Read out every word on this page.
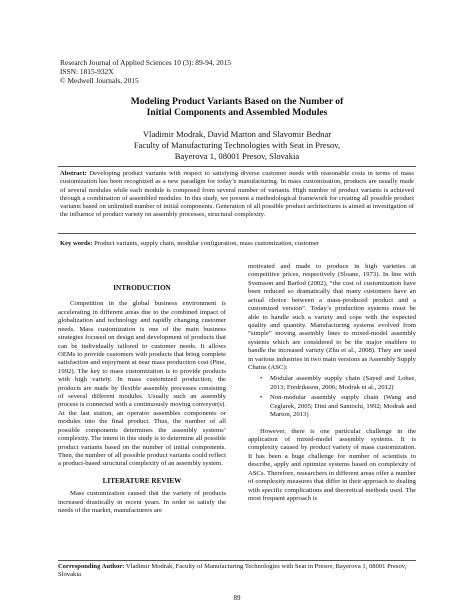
Research Journal of Applied Sciences 10 (3): 89-94, 2015
ISSN: 1815-932X
© Medwell Journals, 2015
Modeling Product Variants Based on the Number of
Initial Components and Assembled Modules
Vladimir Modrak, David Marton and Slavomir Bednar
Faculty of Manufacturing Technologies with Seat in Presov,
Bayerova 1, 08001 Presov, Slovakia
Abstract: Developing product variants with respect to satisfying diverse customer needs with reasonable costs in terms of mass customization has been recognized as a new paradigm for today’s manufacturing. In mass customization, products are usually made of several modules while each module is composed from several number of variants. High number of product variants is achieved through a combination of assembled modules. In this study, we present a methodological framework for creating all possible product variants based on unlimited number of initial components. Generation of all possible product architectures is aimed at investigation of the influence of product variety on assembly processes, structural complexity.
Key words: Product variants, supply chain, modular configuration, mass customization, customer

INTRODUCTION

Competition in the global business environment is accelerating in different areas due to the combined impact of globalization and technology and rapidly changing customer needs. Mass customization is one of the main business strategies focused on design and development of products that can be individually tailored to customer needs. It allows OEMs to provide customers with products that bring complete satisfaction and enjoyment at near mass production cost (Pine, 1992). The key to mass customization is to provide products with high variety. In mass customized production, the products are made by flexible assembly processes consisting of several different modules. Usually such an assembly process is connected with a continuously moving conveyor(s). At the last station, an operator assembles components or modules into the final product. Thus, the number of all possible components determines the assembly systems’ complexity. The intent in this study is to determine all possible product variants based on the number of initial components. Then, the number of all possible product variants could reflect a product-based structural complexity of an assembly system.

LITERATURE REVIEW

Mass customization caused that the variety of products increased drastically in recent years. In order to satisfy the needs of the market, manufacturers are

motivated and made to produce in high varieties at competitive prices, respectively (Sloane, 1973). In line with Svensson and Barfod (2002), “the cost of customization have been reduced so dramatically that many customers have an actual choice between a mass-produced product and a customized version”. Today’s production systems must be able to handle such a variety and cope with the expected quality and quantity. Manufacturing systems evolved from “simple” moving assembly lines to mixed-model assembly systems which are considered to be the major enablers to handle the increased variety (Zhu et al., 2008). They are used in various industries in two main versions as Assembly Supply Chains (ASC):

• Modular assembly supply chain (Sayed and Lohse, 2013; Fredriksson, 2006; Modrak et al., 2012)
• Non-modular assembly supply chain (Wang and Ceglarek, 2005; Dini and Santochi, 1992; Modrak and Marton, 2013)

However, there is one particular challenge in the application of mixed-model assembly systems. It is complexity caused by product variety of mass customization. It has been a huge challenge for number of scientists to describe, apply and optimize systems based on complexity of ASCs. Therefore, researchers in different areas offer a number of complexity measures that differ in their approach to dealing with specific complications and theoretical methods used. The most frequent approach is

Corresponding Author: Vladimir Modrak, Faculty of Manufacturing Technologies with Seat in Presov, Bayerova 1, 08001 Presov, Slovakia
89
